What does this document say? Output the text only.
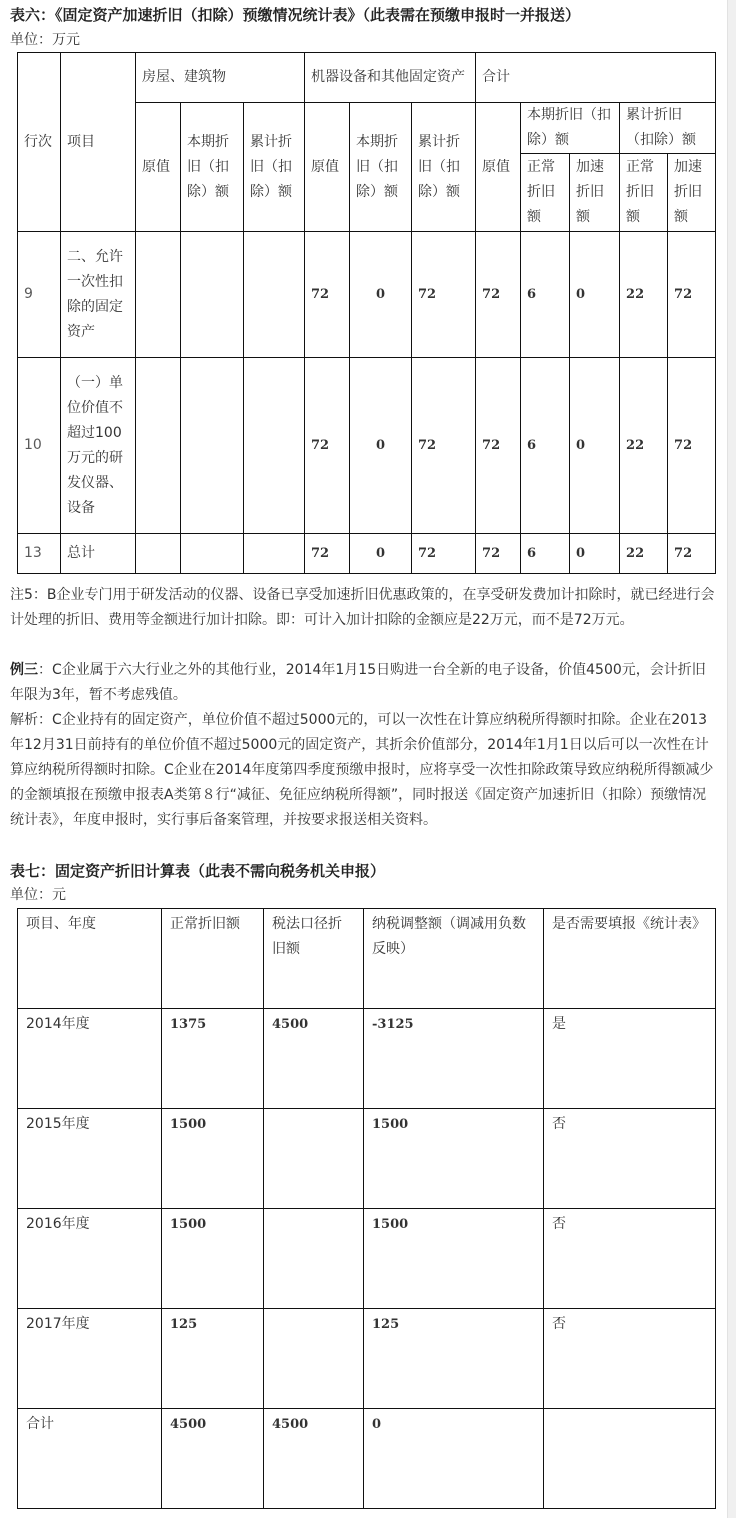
表六：《固定资产加速折旧（扣除）预缴情况统计表》（此表需在预缴申报时一并报送）
单位：万元
行次	项目	房屋、建筑物			机器设备和其他固定资产			合计				
		原值	本期折旧（扣除）额	累计折旧（扣除）额	原值	本期折旧（扣除）额	累计折旧（扣除）额	原值	本期折旧（扣除）额		累计折旧（扣除）额	
									正常折旧额	加速折旧额	正常折旧额	加速折旧额
9	二、允许一次性扣除的固定资产				72	0	72	72	6	0	22	72
10	（一）单位价值不超过100万元的研发仪器、设备				72	0	72	72	6	0	22	72
13	总计				72	0	72	72	6	0	22	72
注5：B企业专门用于研发活动的仪器、设备已享受加速折旧优惠政策的，在享受研发费加计扣除时，就已经进行会计处理的折旧、费用等金额进行加计扣除。即：可计入加计扣除的金额应是22万元，而不是72万元。
例三：C企业属于六大行业之外的其他行业，2014年1月15日购进一台全新的电子设备，价值4500元，会计折旧年限为3年，暂不考虑残值。
解析：C企业持有的固定资产，单位价值不超过5000元的，可以一次性在计算应纳税所得额时扣除。企业在2013年12月31日前持有的单位价值不超过5000元的固定资产，其折余价值部分，2014年1月1日以后可以一次性在计算应纳税所得额时扣除。C企业在2014年度第四季度预缴申报时，应将享受一次性扣除政策导致应纳税所得额减少的金额填报在预缴申报表A类第８行“减征、免征应纳税所得额”，同时报送《固定资产加速折旧（扣除）预缴情况统计表》，年度申报时，实行事后备案管理，并按要求报送相关资料。
表七：固定资产折旧计算表（此表不需向税务机关申报）
单位：元
项目、年度	正常折旧额	税法口径折旧额	纳税调整额（调减用负数反映）	是否需要填报《统计表》
2014年度	1375	4500	-3125	是
2015年度	1500		1500	否
2016年度	1500		1500	否
2017年度	125		125	否
合计	4500	4500	0	
